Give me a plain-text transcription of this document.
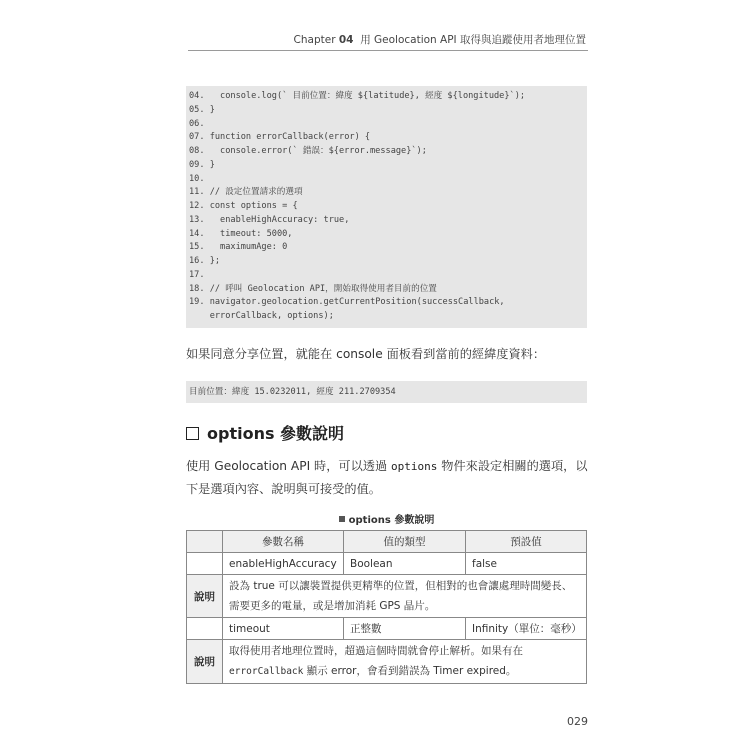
Chapter 04 用 Geolocation API 取得與追蹤使用者地理位置
04.   console.log(` 目前位置：緯度 ${latitude}, 經度 ${longitude}`);
05. }
06.
07. function errorCallback(error) {
08.   console.error(` 錯誤：${error.message}`);
09. }
10.
11. // 設定位置請求的選項
12. const options = {
13.   enableHighAccuracy: true,
14.   timeout: 5000,
15.   maximumAge: 0
16. };
17.
18. // 呼叫 Geolocation API，開始取得使用者目前的位置
19. navigator.geolocation.getCurrentPosition(successCallback,
errorCallback, options);
如果同意分享位置，就能在 console 面板看到當前的經緯度資料：
目前位置：緯度 15.0232011, 經度 211.2709354
options 參數說明
使用 Geolocation API 時，可以透過 options 物件來設定相關的選項，以下是選項內容、說明與可接受的值。
options 參數說明
	參數名稱	值的類型	預設值
	enableHighAccuracy	Boolean	false
說明	設為 true 可以讓裝置提供更精準的位置，但相對的也會讓處理時間變長、需要更多的電量，或是增加消耗 GPS 晶片。		
	timeout	正整數	Infinity（單位：毫秒）
說明	取得使用者地理位置時，超過這個時間就會停止解析。如果有在 errorCallback 顯示 error，會看到錯誤為 Timer expired。		
029
